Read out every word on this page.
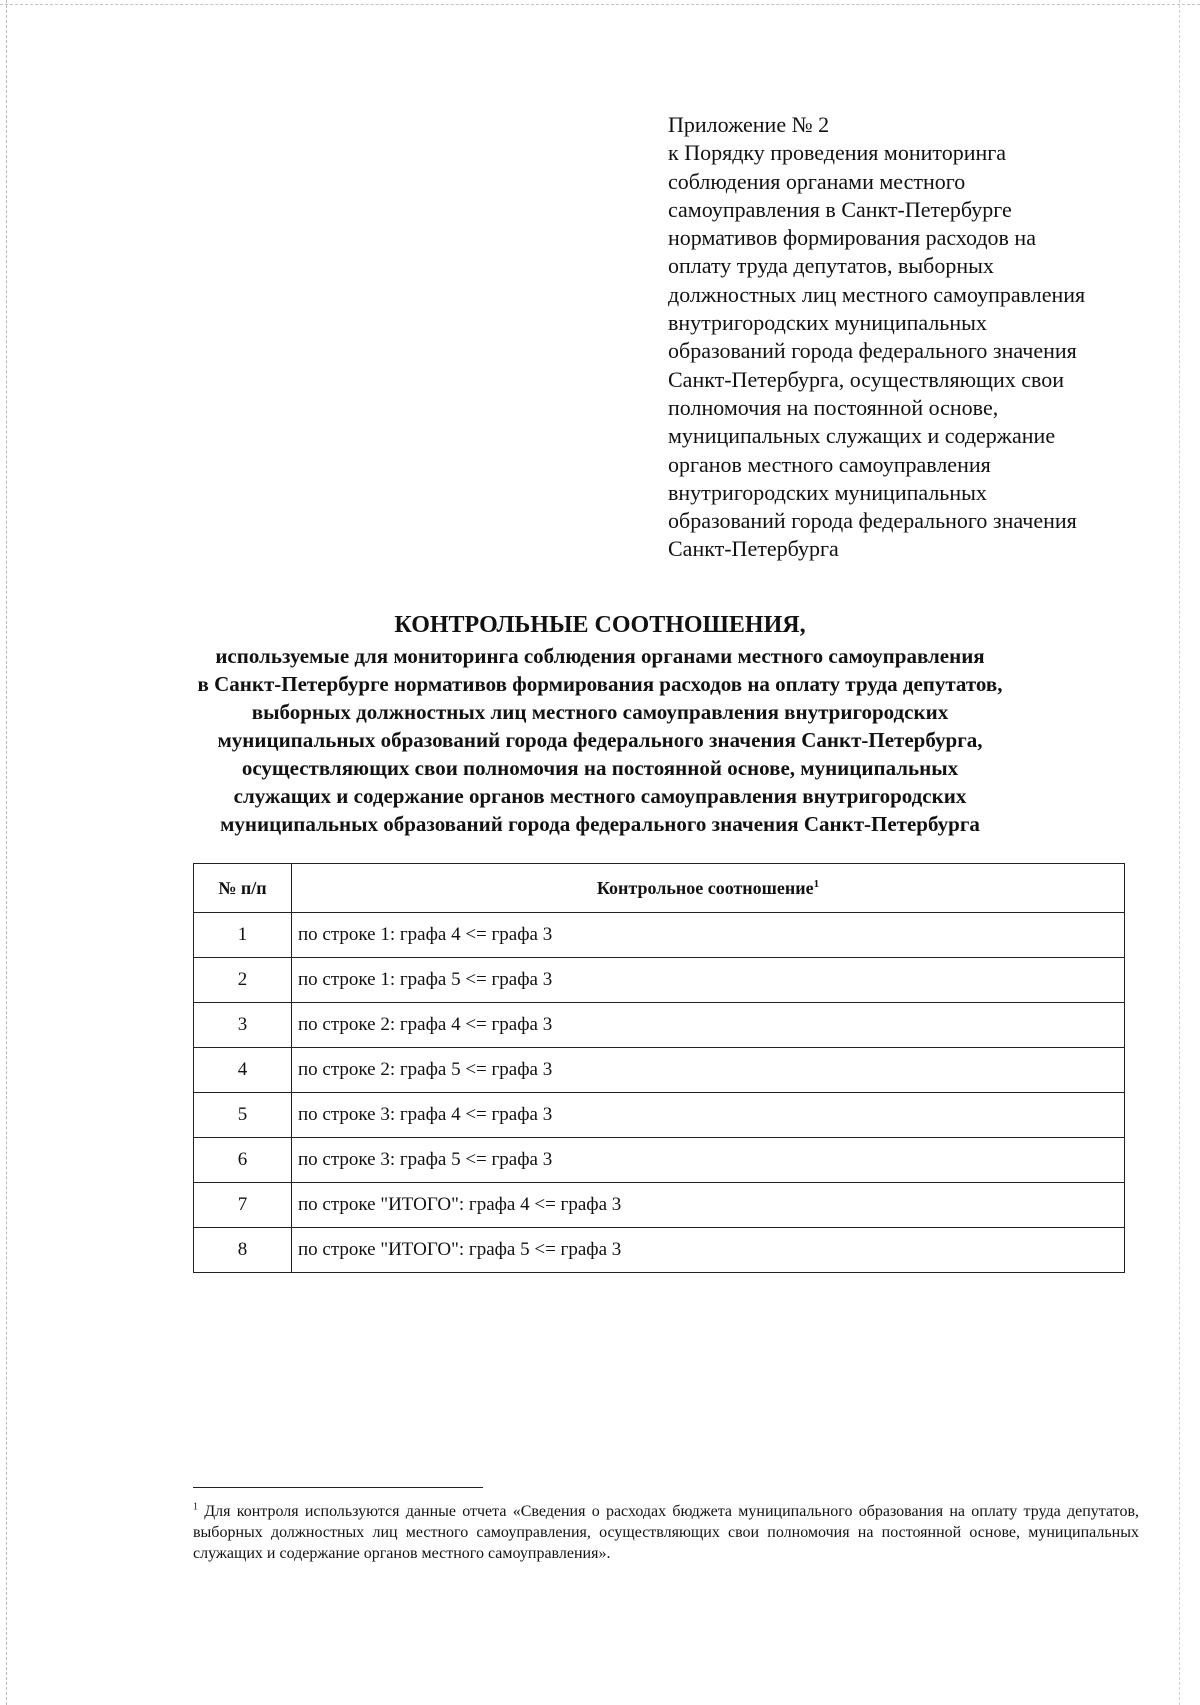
Приложение № 2
к Порядку проведения мониторинга
соблюдения органами местного
самоуправления в Санкт-Петербурге
нормативов формирования расходов на
оплату труда депутатов, выборных
должностных лиц местного самоуправления
внутригородских муниципальных
образований города федерального значения
Санкт-Петербурга, осуществляющих свои
полномочия на постоянной основе,
муниципальных служащих и содержание
органов местного самоуправления
внутригородских муниципальных
образований города федерального значения
Санкт-Петербурга
КОНТРОЛЬНЫЕ СООТНОШЕНИЯ,
используемые для мониторинга соблюдения органами местного самоуправления
в Санкт-Петербурге нормативов формирования расходов на оплату труда депутатов,
выборных должностных лиц местного самоуправления внутригородских
муниципальных образований города федерального значения Санкт-Петербурга,
осуществляющих свои полномочия на постоянной основе, муниципальных
служащих и содержание органов местного самоуправления внутригородских
муниципальных образований города федерального значения Санкт-Петербурга
№ п/п	Контрольное соотношение$^1$
1	по строке 1: графа 4 <= графа 3
2	по строке 1: графа 5 <= графа 3
3	по строке 2: графа 4 <= графа 3
4	по строке 2: графа 5 <= графа 3
5	по строке 3: графа 4 <= графа 3
6	по строке 3: графа 5 <= графа 3
7	по строке "ИТОГО": графа 4 <= графа 3
8	по строке "ИТОГО": графа 5 <= графа 3
$^1$ Для контроля используются данные отчета «Сведения о расходах бюджета муниципального образования на оплату труда депутатов, выборных должностных лиц местного самоуправления, осуществляющих свои полномочия на постоянной основе, муниципальных служащих и содержание органов местного самоуправления».
